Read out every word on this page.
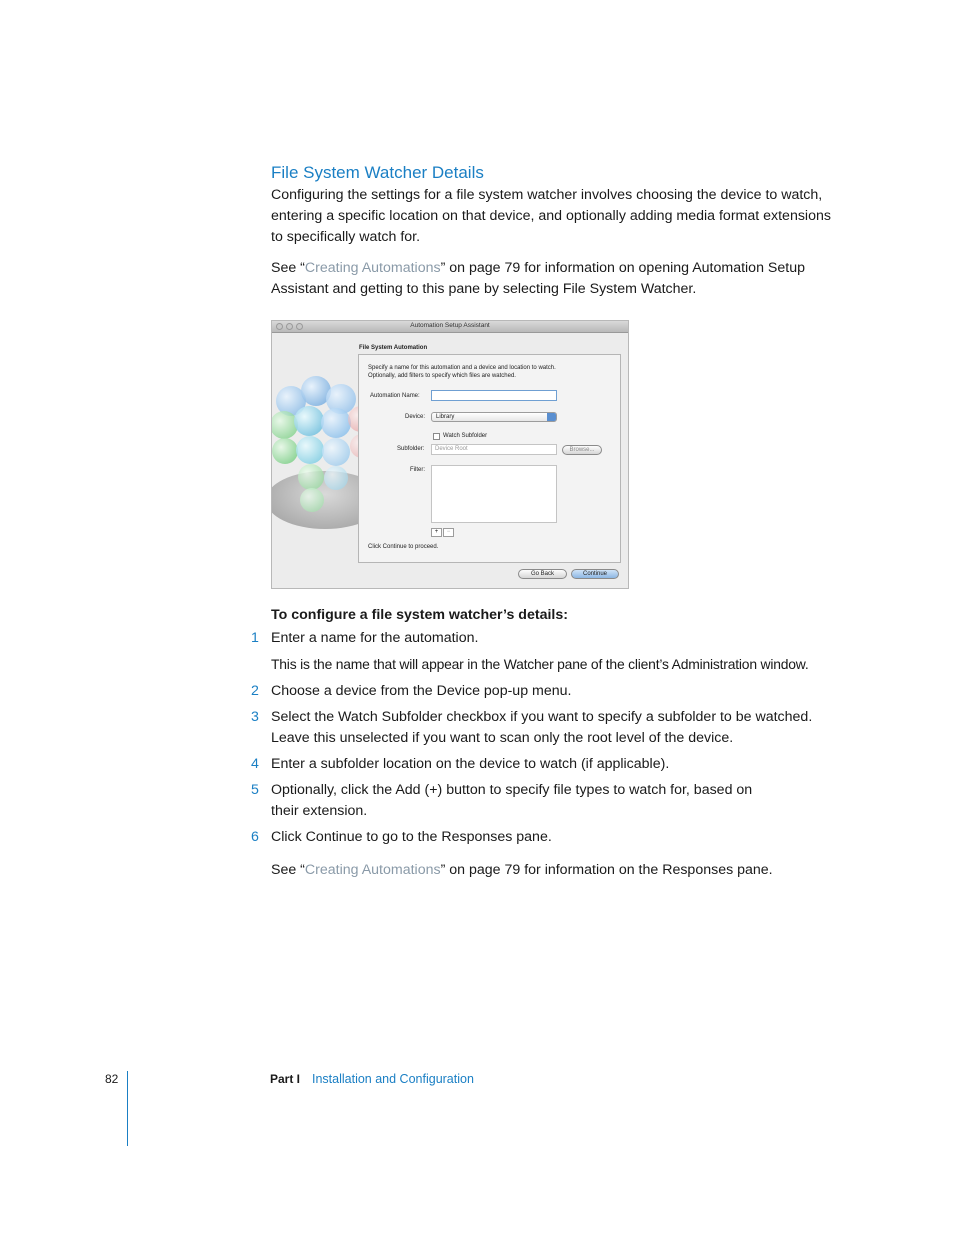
File System Watcher Details

Configuring the settings for a file system watcher involves choosing the device to watch, entering a specific location on that device, and optionally adding media format extensions to specifically watch for.

See “Creating Automations” on page 79 for information on opening Automation Setup Assistant and getting to this pane by selecting File System Watcher.

Automation Setup Assistant
File System Automation
Specify a name for this automation and a device and location to watch.
Optionally, add filters to specify which files are watched.
Automation Name:
Device: Library
Watch Subfolder
Subfolder: Device Root	Browse...
Filter:
+	−
Click Continue to proceed.
Go Back	Continue
To configure a file system watcher’s details:
1 Enter a name for the automation.
This is the name that will appear in the Watcher pane of the client’s Administration window.
2 Choose a device from the Device pop-up menu.
3 Select the Watch Subfolder checkbox if you want to specify a subfolder to be watched. Leave this unselected if you want to scan only the root level of the device.
4 Enter a subfolder location on the device to watch (if applicable).
5 Optionally, click the Add (+) button to specify file types to watch for, based on their extension.
6 Click Continue to go to the Responses pane.

See “Creating Automations” on page 79 for information on the Responses pane.

82	Part I Installation and Configuration
